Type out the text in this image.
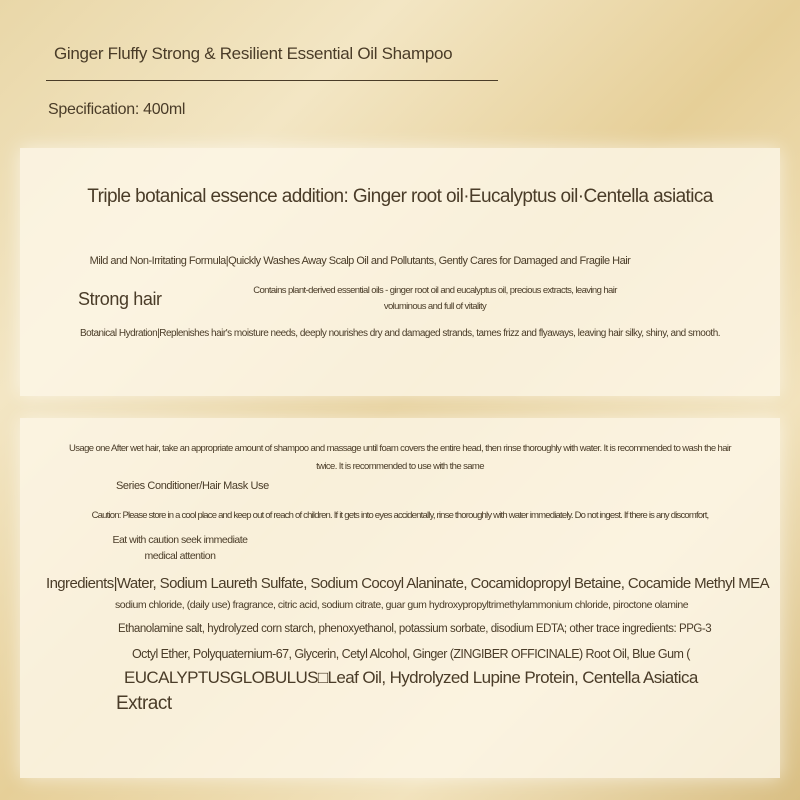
Ginger Fluffy Strong & Resilient Essential Oil Shampoo
Specification: 400ml
Triple botanical essence addition: Ginger root oil·Eucalyptus oil·Centella asiatica
Mild and Non-Irritating Formula|Quickly Washes Away Scalp Oil and Pollutants, Gently Cares for Damaged and Fragile Hair
Strong hair	Contains plant-derived essential oils - ginger root oil and eucalyptus oil, precious extracts, leaving hair
voluminous and full of vitality
Botanical Hydration|Replenishes hair's moisture needs, deeply nourishes dry and damaged strands, tames frizz and flyaways, leaving hair silky, shiny, and smooth.
Usage one After wet hair, take an appropriate amount of shampoo and massage until foam covers the entire head, then rinse thoroughly with water. It is recommended to wash the hair
twice. It is recommended to use with the same
Series Conditioner/Hair Mask Use
Caution: Please store in a cool place and keep out of reach of children. If it gets into eyes accidentally, rinse thoroughly with water immediately. Do not ingest. If there is any discomfort,
Eat with caution seek immediate
medical attention
Ingredients|Water, Sodium Laureth Sulfate, Sodium Cocoyl Alaninate, Cocamidopropyl Betaine, Cocamide Methyl MEA
sodium chloride, (daily use) fragrance, citric acid, sodium citrate, guar gum hydroxypropyltrimethylammonium chloride, piroctone olamine
Ethanolamine salt, hydrolyzed corn starch, phenoxyethanol, potassium sorbate, disodium EDTA; other trace ingredients: PPG-3
Octyl Ether, Polyquaternium-67, Glycerin, Cetyl Alcohol, Ginger (ZINGIBER OFFICINALE) Root Oil, Blue Gum (
EUCALYPTUSGLOBULUS□Leaf Oil, Hydrolyzed Lupine Protein, Centella Asiatica
Extract
